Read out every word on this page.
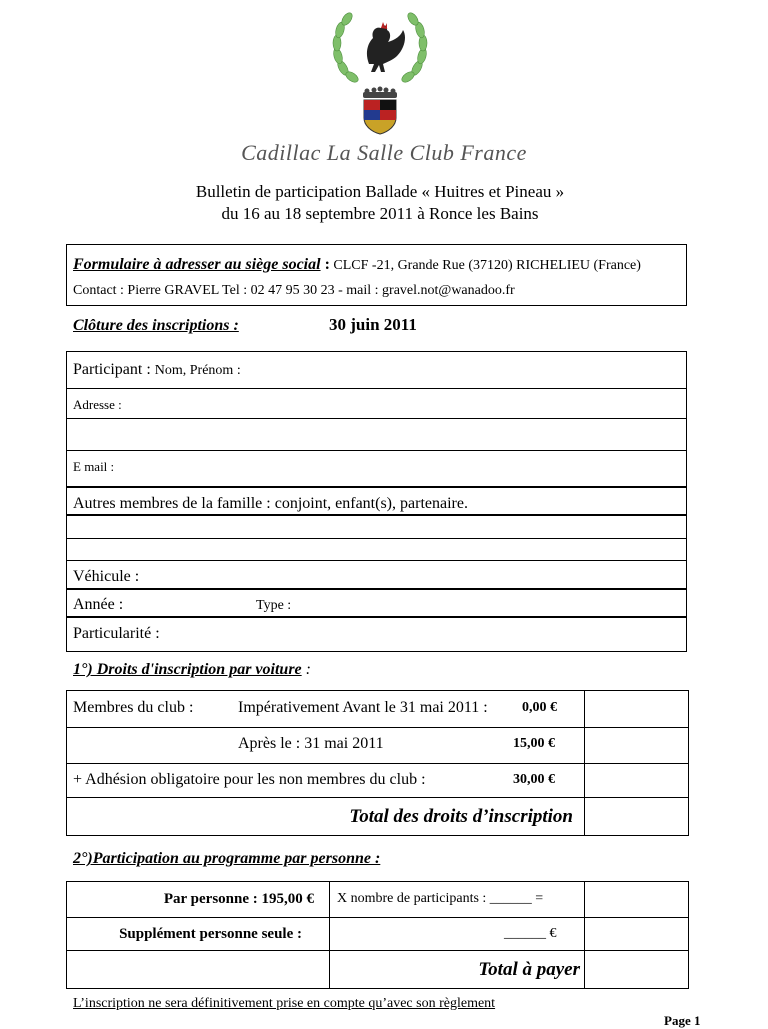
Cadillac La Salle Club France
Bulletin de participation Ballade « Huitres et Pineau »
du 16 au 18 septembre 2011 à Ronce les Bains
Formulaire à adresser au siège social : CLCF -21, Grande Rue (37120) RICHELIEU (France)
Contact : Pierre GRAVEL Tel : 02 47 95 30 23 - mail : gravel.not@wanadoo.fr
Clôture des inscriptions :	30 juin 2011
Participant : Nom, Prénom :
Adresse :
E mail :
Autres membres de la famille : conjoint, enfant(s), partenaire.
Véhicule :
Année :	Type :
Particularité :
1°) Droits d'inscription par voiture :
Membres du club :	Impérativement Avant le 31 mai 2011 : 0,00 €
Après le : 31 mai 2011	15,00 €
+ Adhésion obligatoire pour les non membres du club :	30,00 €
Total des droits d’inscription
2°)Participation au programme par personne :
Par personne : 195,00 € X nombre de participants : ______ =
Supplément personne seule :	______ €
Total à payer
L’inscription ne sera définitivement prise en compte qu’avec son règlement
Page 1
